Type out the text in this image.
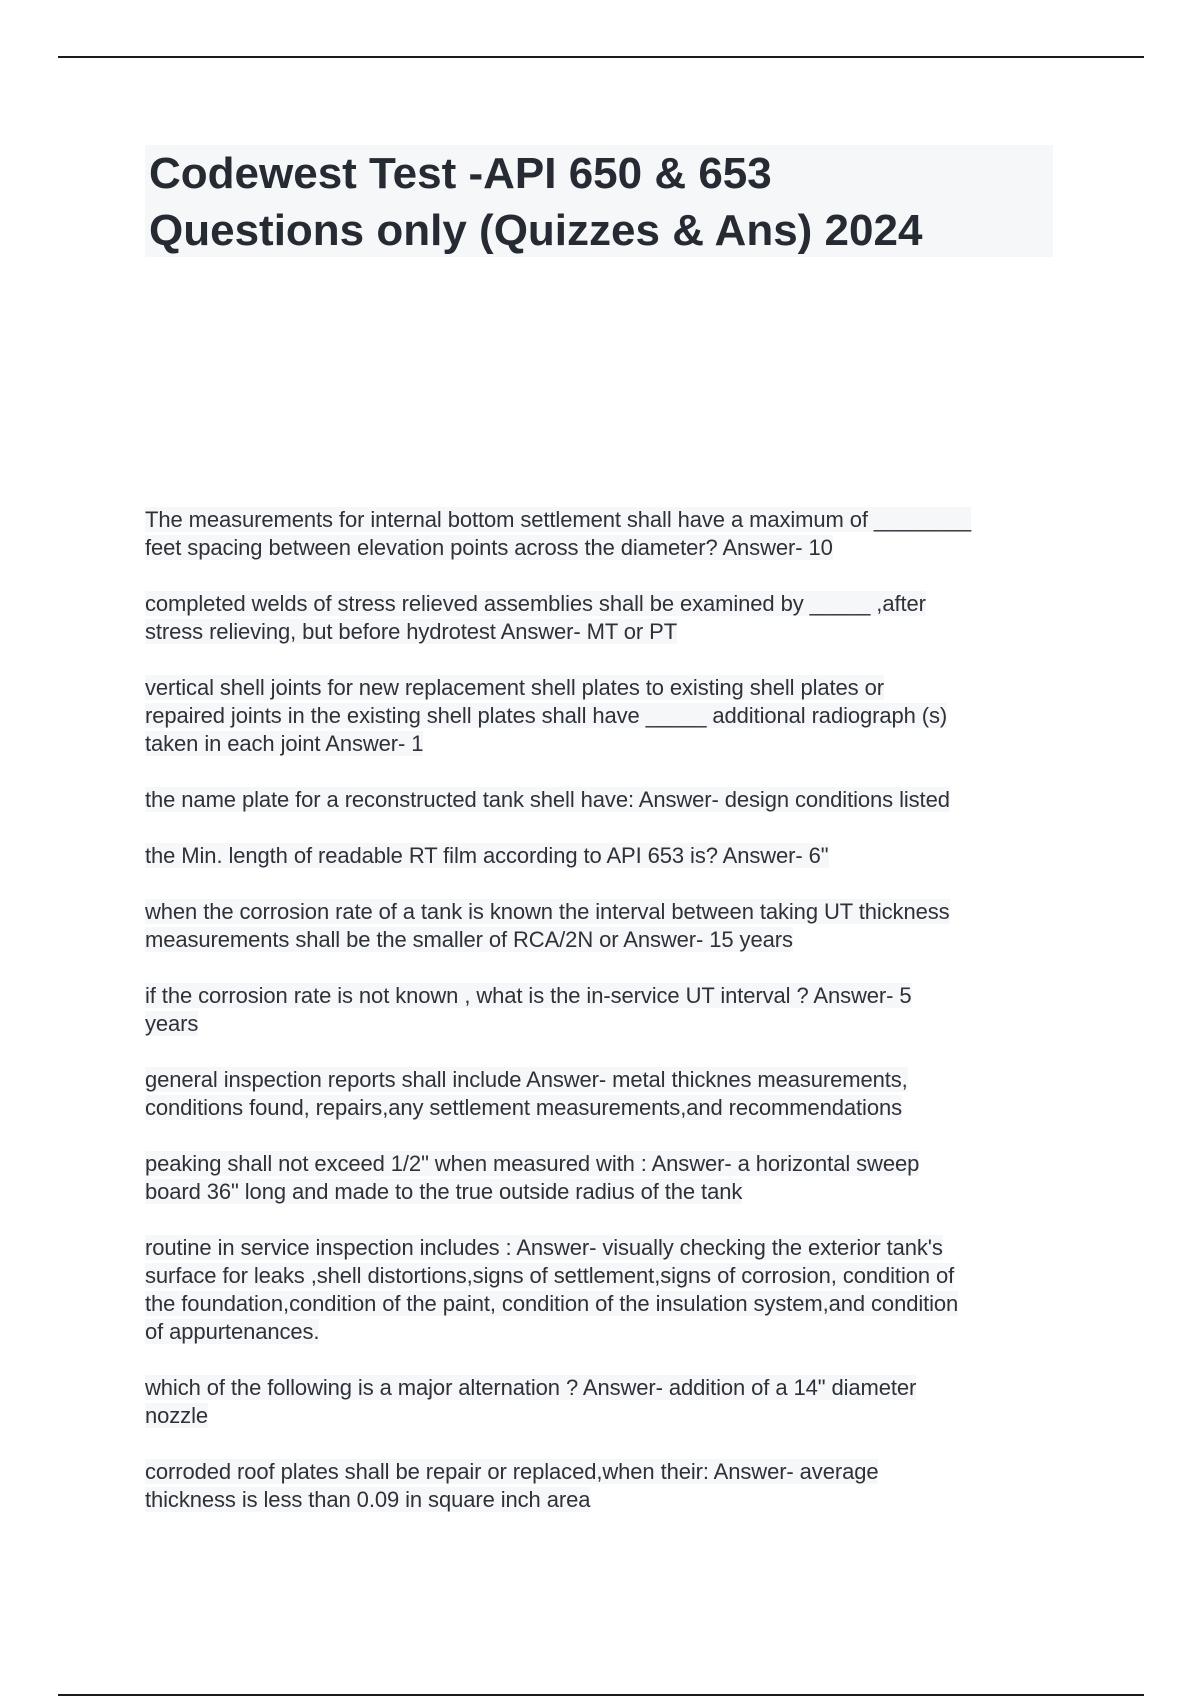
Codewest Test -API 650 & 653
Questions only (Quizzes & Ans) 2024
The measurements for internal bottom settlement shall have a maximum of ________
feet spacing between elevation points across the diameter? Answer- 10
completed welds of stress relieved assemblies shall be examined by _____ ,after
stress relieving, but before hydrotest Answer- MT or PT
vertical shell joints for new replacement shell plates to existing shell plates or
repaired joints in the existing shell plates shall have _____ additional radiograph (s)
taken in each joint Answer- 1
the name plate for a reconstructed tank shell have: Answer- design conditions listed
the Min. length of readable RT film according to API 653 is? Answer- 6"
when the corrosion rate of a tank is known the interval between taking UT thickness
measurements shall be the smaller of RCA/2N or Answer- 15 years
if the corrosion rate is not known , what is the in-service UT interval ? Answer- 5
years
general inspection reports shall include Answer- metal thicknes measurements,
conditions found, repairs,any settlement measurements,and recommendations
peaking shall not exceed 1/2" when measured with : Answer- a horizontal sweep
board 36" long and made to the true outside radius of the tank
routine in service inspection includes : Answer- visually checking the exterior tank's
surface for leaks ,shell distortions,signs of settlement,signs of corrosion, condition of
the foundation,condition of the paint, condition of the insulation system,and condition
of appurtenances.
which of the following is a major alternation ? Answer- addition of a 14" diameter
nozzle
corroded roof plates shall be repair or replaced,when their: Answer- average
thickness is less than 0.09 in square inch area
